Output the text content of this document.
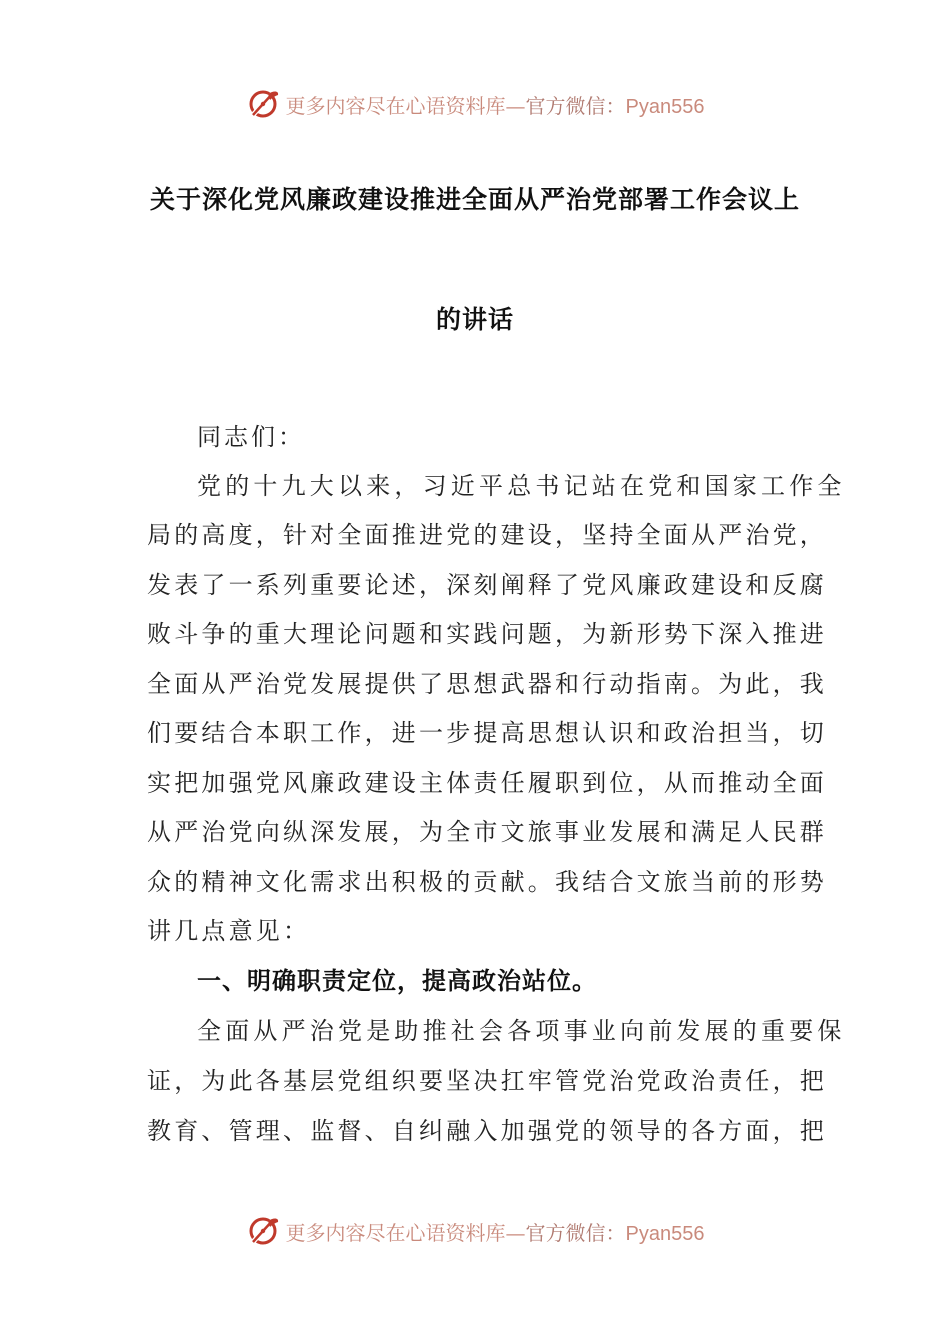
更多内容尽在心语资料库—官方微信：Pyan556
关于深化党风廉政建设推进全面从严治党部署工作会议上
的讲话
同志们：
党的十九大以来，习近平总书记站在党和国家工作全
局的高度，针对全面推进党的建设，坚持全面从严治党，
发表了一系列重要论述，深刻阐释了党风廉政建设和反腐
败斗争的重大理论问题和实践问题，为新形势下深入推进
全面从严治党发展提供了思想武器和行动指南。为此，我
们要结合本职工作，进一步提高思想认识和政治担当，切
实把加强党风廉政建设主体责任履职到位，从而推动全面
从严治党向纵深发展，为全市文旅事业发展和满足人民群
众的精神文化需求出积极的贡献。我结合文旅当前的形势
讲几点意见：
一、明确职责定位，提高政治站位。
全面从严治党是助推社会各项事业向前发展的重要保
证，为此各基层党组织要坚决扛牢管党治党政治责任，把
教育、管理、监督、自纠融入加强党的领导的各方面，把
更多内容尽在心语资料库—官方微信：Pyan556
